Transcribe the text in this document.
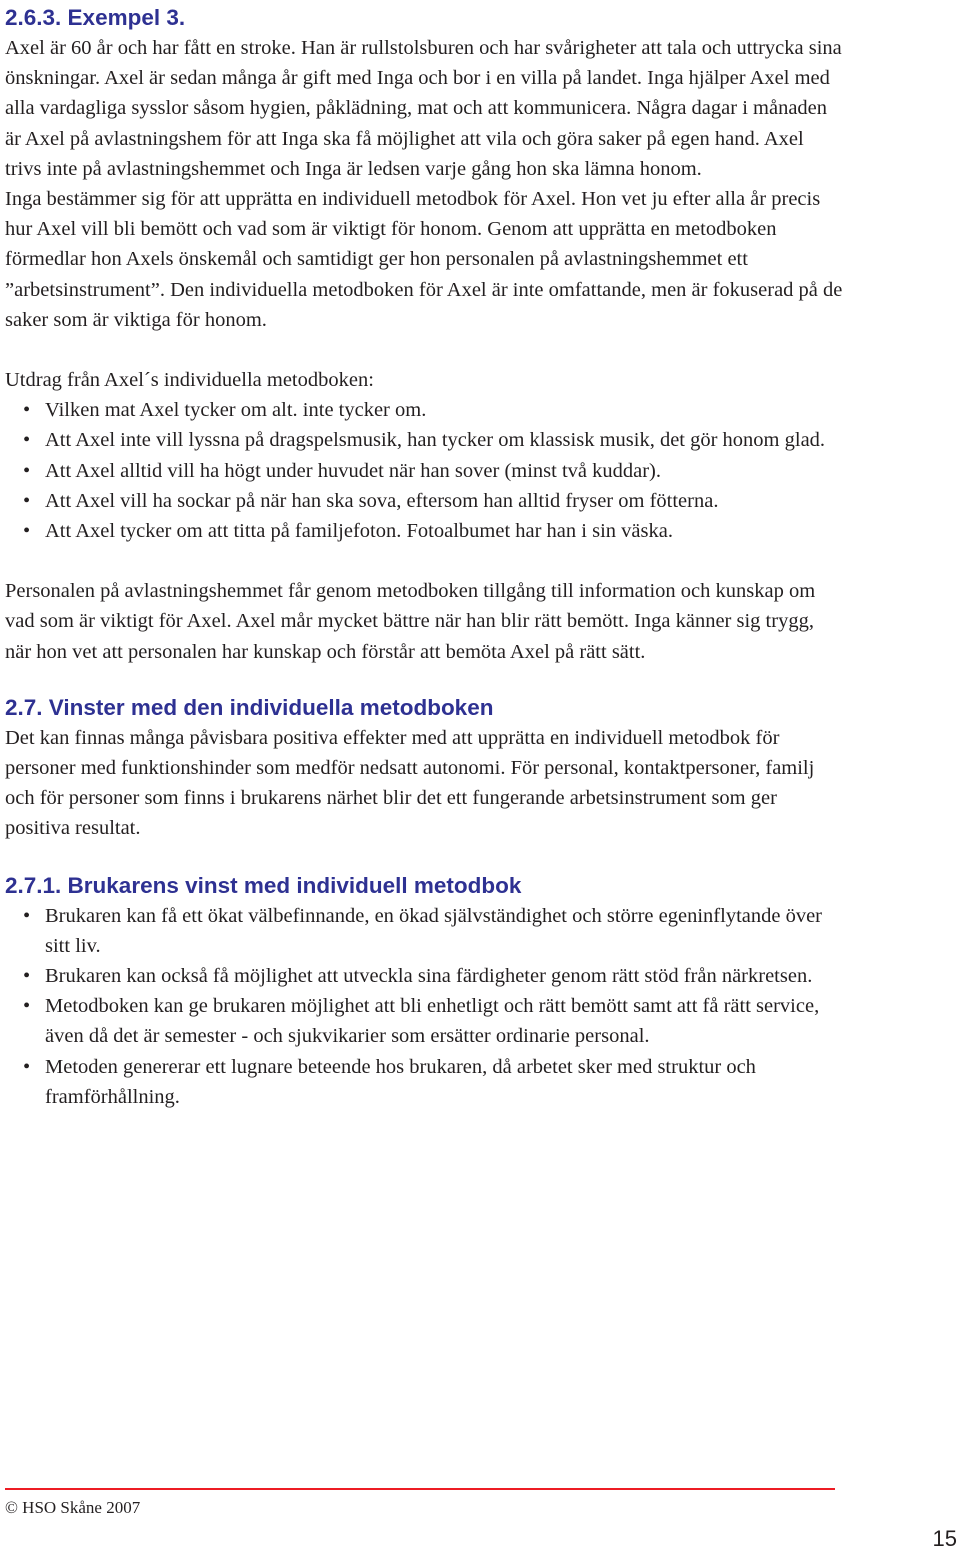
2.6.3. Exempel 3.

Axel är 60 år och har fått en stroke. Han är rullstolsburen och har svårigheter att tala och uttrycka sina önskningar. Axel är sedan många år gift med Inga och bor i en villa på landet. Inga hjälper Axel med alla vardagliga sysslor såsom hygien, påklädning, mat och att kommunicera. Några dagar i månaden är Axel på avlastningshem för att Inga ska få möjlighet att vila och göra saker på egen hand. Axel trivs inte på avlastningshemmet och Inga är ledsen varje gång hon ska lämna honom.

Inga bestämmer sig för att upprätta en individuell metodbok för Axel. Hon vet ju efter alla år precis hur Axel vill bli bemött och vad som är viktigt för honom. Genom att upprätta en metodboken förmedlar hon Axels önskemål och samtidigt ger hon personalen på avlastningshemmet ett ”arbetsinstrument”. Den individuella metodboken för Axel är inte omfattande, men är fokuserad på de saker som är viktiga för honom.

Utdrag från Axel´s individuella metodboken:

• Vilken mat Axel tycker om alt. inte tycker om.
• Att Axel inte vill lyssna på dragspelsmusik, han tycker om klassisk musik, det gör honom glad.
• Att Axel alltid vill ha högt under huvudet när han sover (minst två kuddar).
• Att Axel vill ha sockar på när han ska sova, eftersom han alltid fryser om fötterna.
• Att Axel tycker om att titta på familjefoton. Fotoalbumet har han i sin väska.

Personalen på avlastningshemmet får genom metodboken tillgång till information och kunskap om vad som är viktigt för Axel. Axel mår mycket bättre när han blir rätt bemött. Inga känner sig trygg, när hon vet att personalen har kunskap och förstår att bemöta Axel på rätt sätt.

2.7. Vinster med den individuella metodboken

Det kan finnas många påvisbara positiva effekter med att upprätta en individuell metodbok för personer med funktionshinder som medför nedsatt autonomi. För personal, kontaktpersoner, familj och för personer som finns i brukarens närhet blir det ett fungerande arbetsinstrument som ger positiva resultat.

2.7.1. Brukarens vinst med individuell metodbok
• Brukaren kan få ett ökat välbefinnande, en ökad självständighet och större egeninflytande över sitt liv.
• Brukaren kan också få möjlighet att utveckla sina färdigheter genom rätt stöd från närkretsen.
• Metodboken kan ge brukaren möjlighet att bli enhetligt och rätt bemött samt att få rätt service, även då det är semester - och sjukvikarier som ersätter ordinarie personal.
• Metoden genererar ett lugnare beteende hos brukaren, då arbetet sker med struktur och framförhållning.
© HSO Skåne 2007
15
